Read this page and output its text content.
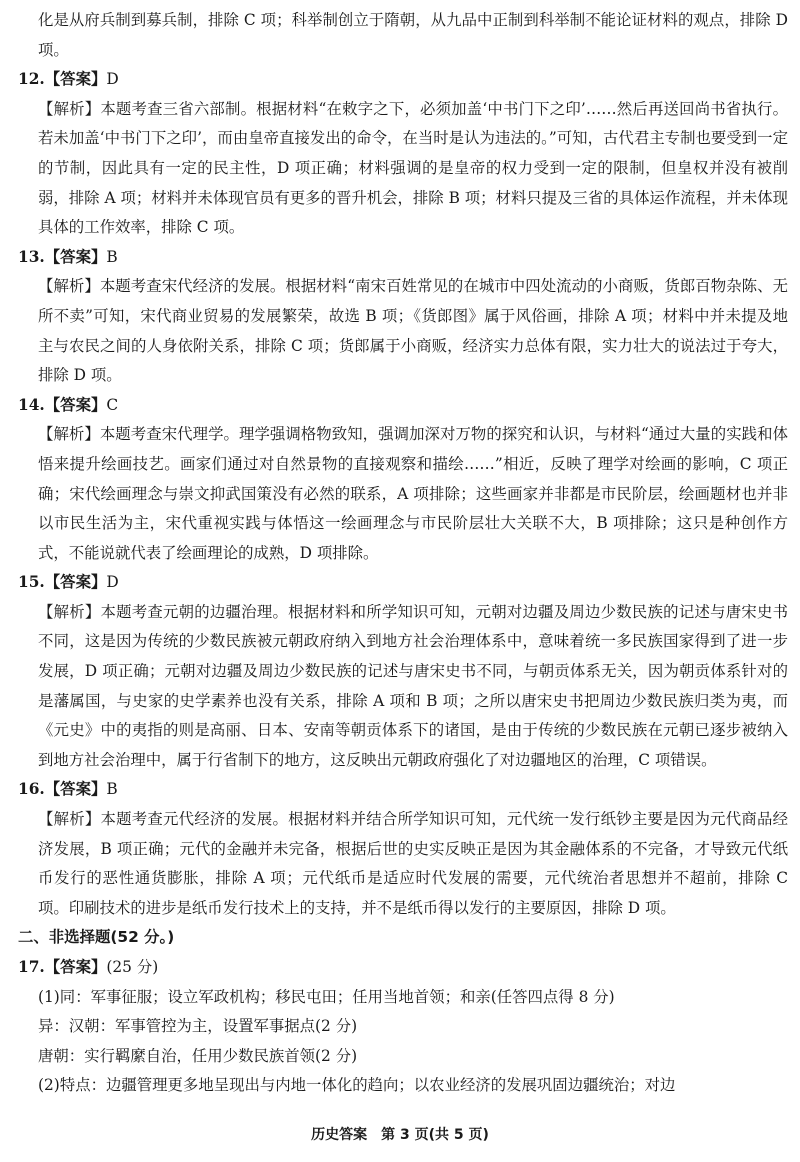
化是从府兵制到募兵制，排除 C 项；科举制创立于隋朝，从九品中正制到科举制不能论证材料的观点，排除 D 项。

12.【答案】D

【解析】本题考查三省六部制。根据材料“在敕字之下，必须加盖‘中书门下之印’……然后再送回尚书省执行。若未加盖‘中书门下之印’，而由皇帝直接发出的命令，在当时是认为违法的。”可知，古代君主专制也要受到一定的节制，因此具有一定的民主性，D 项正确；材料强调的是皇帝的权力受到一定的限制，但皇权并没有被削弱，排除 A 项；材料并未体现官员有更多的晋升机会，排除 B 项；材料只提及三省的具体运作流程，并未体现具体的工作效率，排除 C 项。

13.【答案】B

【解析】本题考查宋代经济的发展。根据材料“南宋百姓常见的在城市中四处流动的小商贩，货郎百物杂陈、无所不卖”可知，宋代商业贸易的发展繁荣，故选 B 项；《货郎图》属于风俗画，排除 A 项；材料中并未提及地主与农民之间的人身依附关系，排除 C 项；货郎属于小商贩，经济实力总体有限，实力壮大的说法过于夸大，排除 D 项。

14.【答案】C

【解析】本题考查宋代理学。理学强调格物致知，强调加深对万物的探究和认识，与材料“通过大量的实践和体悟来提升绘画技艺。画家们通过对自然景物的直接观察和描绘……”相近，反映了理学对绘画的影响，C 项正确；宋代绘画理念与崇文抑武国策没有必然的联系，A 项排除；这些画家并非都是市民阶层，绘画题材也并非以市民生活为主，宋代重视实践与体悟这一绘画理念与市民阶层壮大关联不大，B 项排除；这只是种创作方式，不能说就代表了绘画理论的成熟，D 项排除。

15.【答案】D

【解析】本题考查元朝的边疆治理。根据材料和所学知识可知，元朝对边疆及周边少数民族的记述与唐宋史书不同，这是因为传统的少数民族被元朝政府纳入到地方社会治理体系中，意味着统一多民族国家得到了进一步发展，D 项正确；元朝对边疆及周边少数民族的记述与唐宋史书不同，与朝贡体系无关，因为朝贡体系针对的是藩属国，与史家的史学素养也没有关系，排除 A 项和 B 项；之所以唐宋史书把周边少数民族归类为夷，而《元史》中的夷指的则是高丽、日本、安南等朝贡体系下的诸国，是由于传统的少数民族在元朝已逐步被纳入到地方社会治理中，属于行省制下的地方，这反映出元朝政府强化了对边疆地区的治理，C 项错误。

16.【答案】B

【解析】本题考查元代经济的发展。根据材料并结合所学知识可知，元代统一发行纸钞主要是因为元代商品经济发展，B 项正确；元代的金融并未完备，根据后世的史实反映正是因为其金融体系的不完备，才导致元代纸币发行的恶性通货膨胀，排除 A 项；元代纸币是适应时代发展的需要，元代统治者思想并不超前，排除 C 项。印刷技术的进步是纸币发行技术上的支持，并不是纸币得以发行的主要原因，排除 D 项。

二、非选择题(52 分。)

17.【答案】(25 分)

(1)同：军事征服；设立军政机构；移民屯田；任用当地首领；和亲(任答四点得 8 分)

异：汉朝：军事管控为主，设置军事据点(2 分)

唐朝：实行羁縻自治，任用少数民族首领(2 分)

(2)特点：边疆管理更多地呈现出与内地一体化的趋向；以农业经济的发展巩固边疆统治；对边

历史答案　第 3 页(共 5 页)
